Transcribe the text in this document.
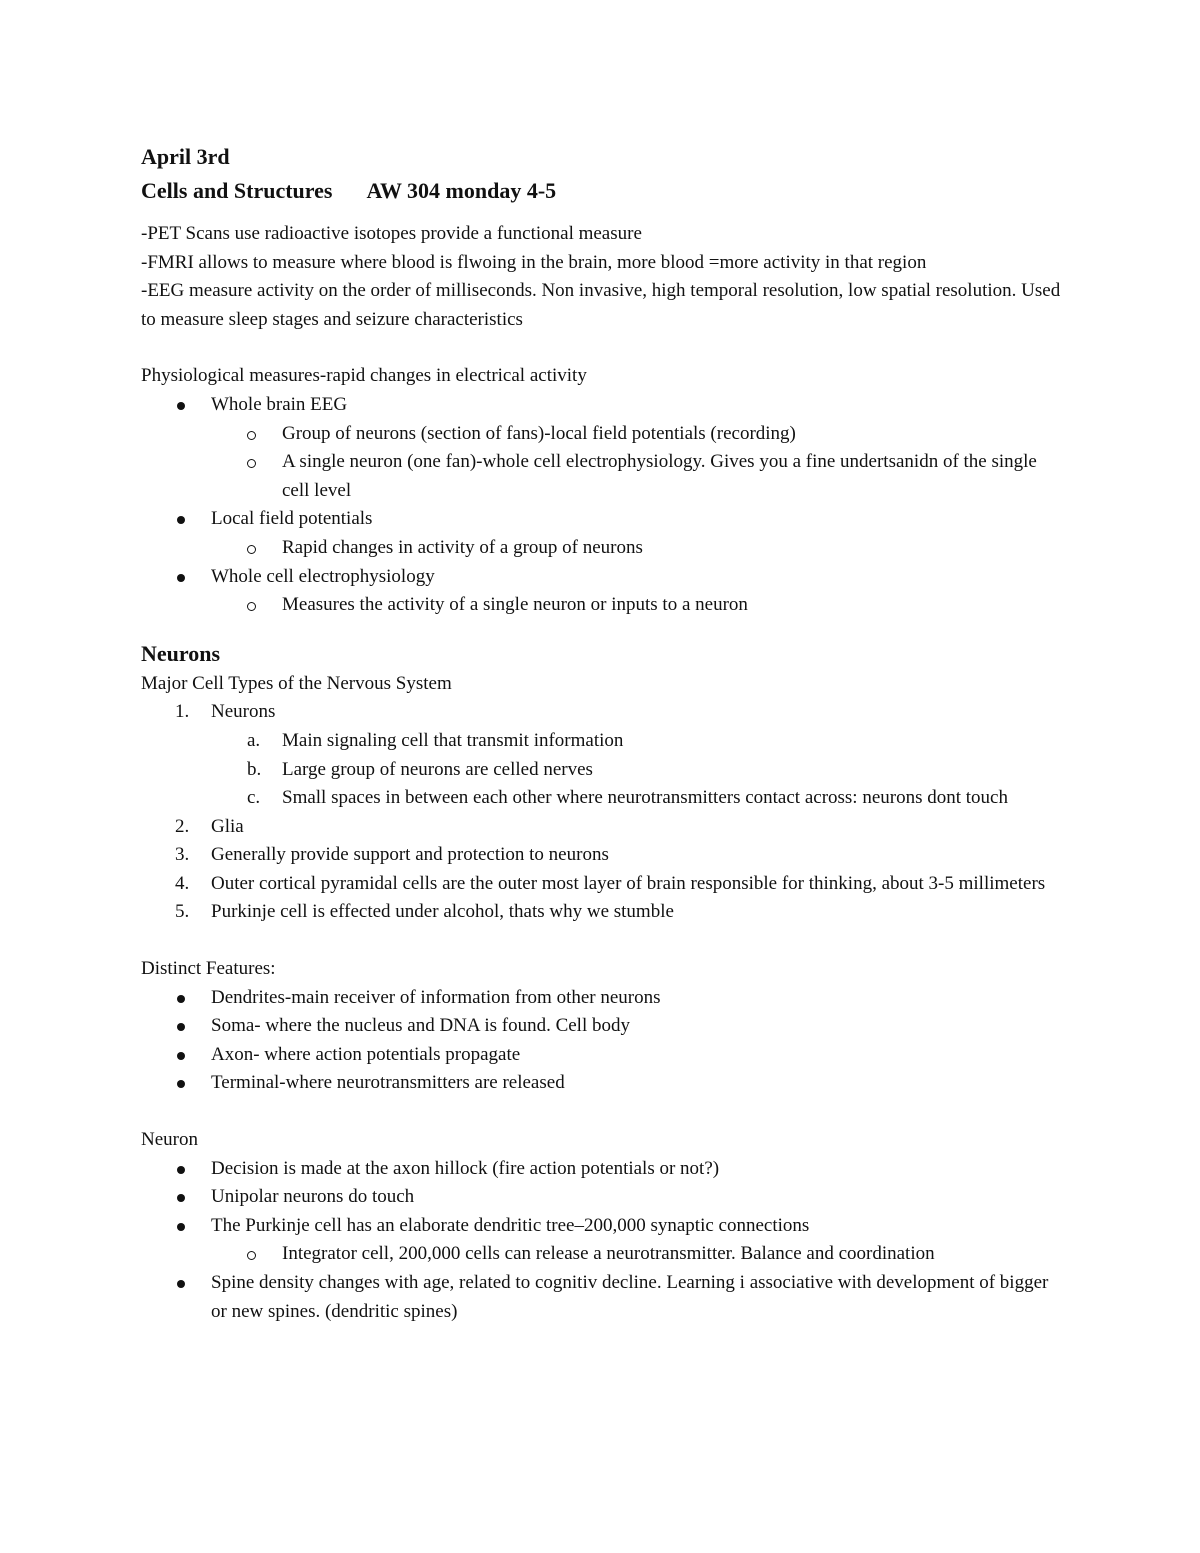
April 3rd
Cells and Structures AW 304 monday 4-5

-PET Scans use radioactive isotopes provide a functional measure

-FMRI allows to measure where blood is flwoing in the brain, more blood =more activity in that region

-EEG measure activity on the order of milliseconds. Non invasive, high temporal resolution, low spatial resolution. Used to measure sleep stages and seizure characteristics

Physiological measures-rapid changes in electrical activity

Whole brain EEG
Group of neurons (section of fans)-local field potentials (recording)
A single neuron (one fan)-whole cell electrophysiology. Gives you a fine undertsanidn of the single cell level
Local field potentials
Rapid changes in activity of a group of neurons
Whole cell electrophysiology
Measures the activity of a single neuron or inputs to a neuron
Neurons

Major Cell Types of the Nervous System

1.	Neurons
a.	Main signaling cell that transmit information
b.	Large group of neurons are celled nerves
c.	Small spaces in between each other where neurotransmitters contact across: neurons dont touch
2.	Glia
3.	Generally provide support and protection to neurons
4.	Outer cortical pyramidal cells are the outer most layer of brain responsible for thinking, about 3-5 millimeters
5.	Purkinje cell is effected under alcohol, thats why we stumble

Distinct Features:

Dendrites-main receiver of information from other neurons
Soma- where the nucleus and DNA is found. Cell body
Axon- where action potentials propagate
Terminal-where neurotransmitters are released

Neuron

Decision is made at the axon hillock (fire action potentials or not?)
Unipolar neurons do touch
The Purkinje cell has an elaborate dendritic tree–200,000 synaptic connections
Integrator cell, 200,000 cells can release a neurotransmitter. Balance and coordination
Spine density changes with age, related to cognitiv decline. Learning i associative with development of bigger or new spines. (dendritic spines)
